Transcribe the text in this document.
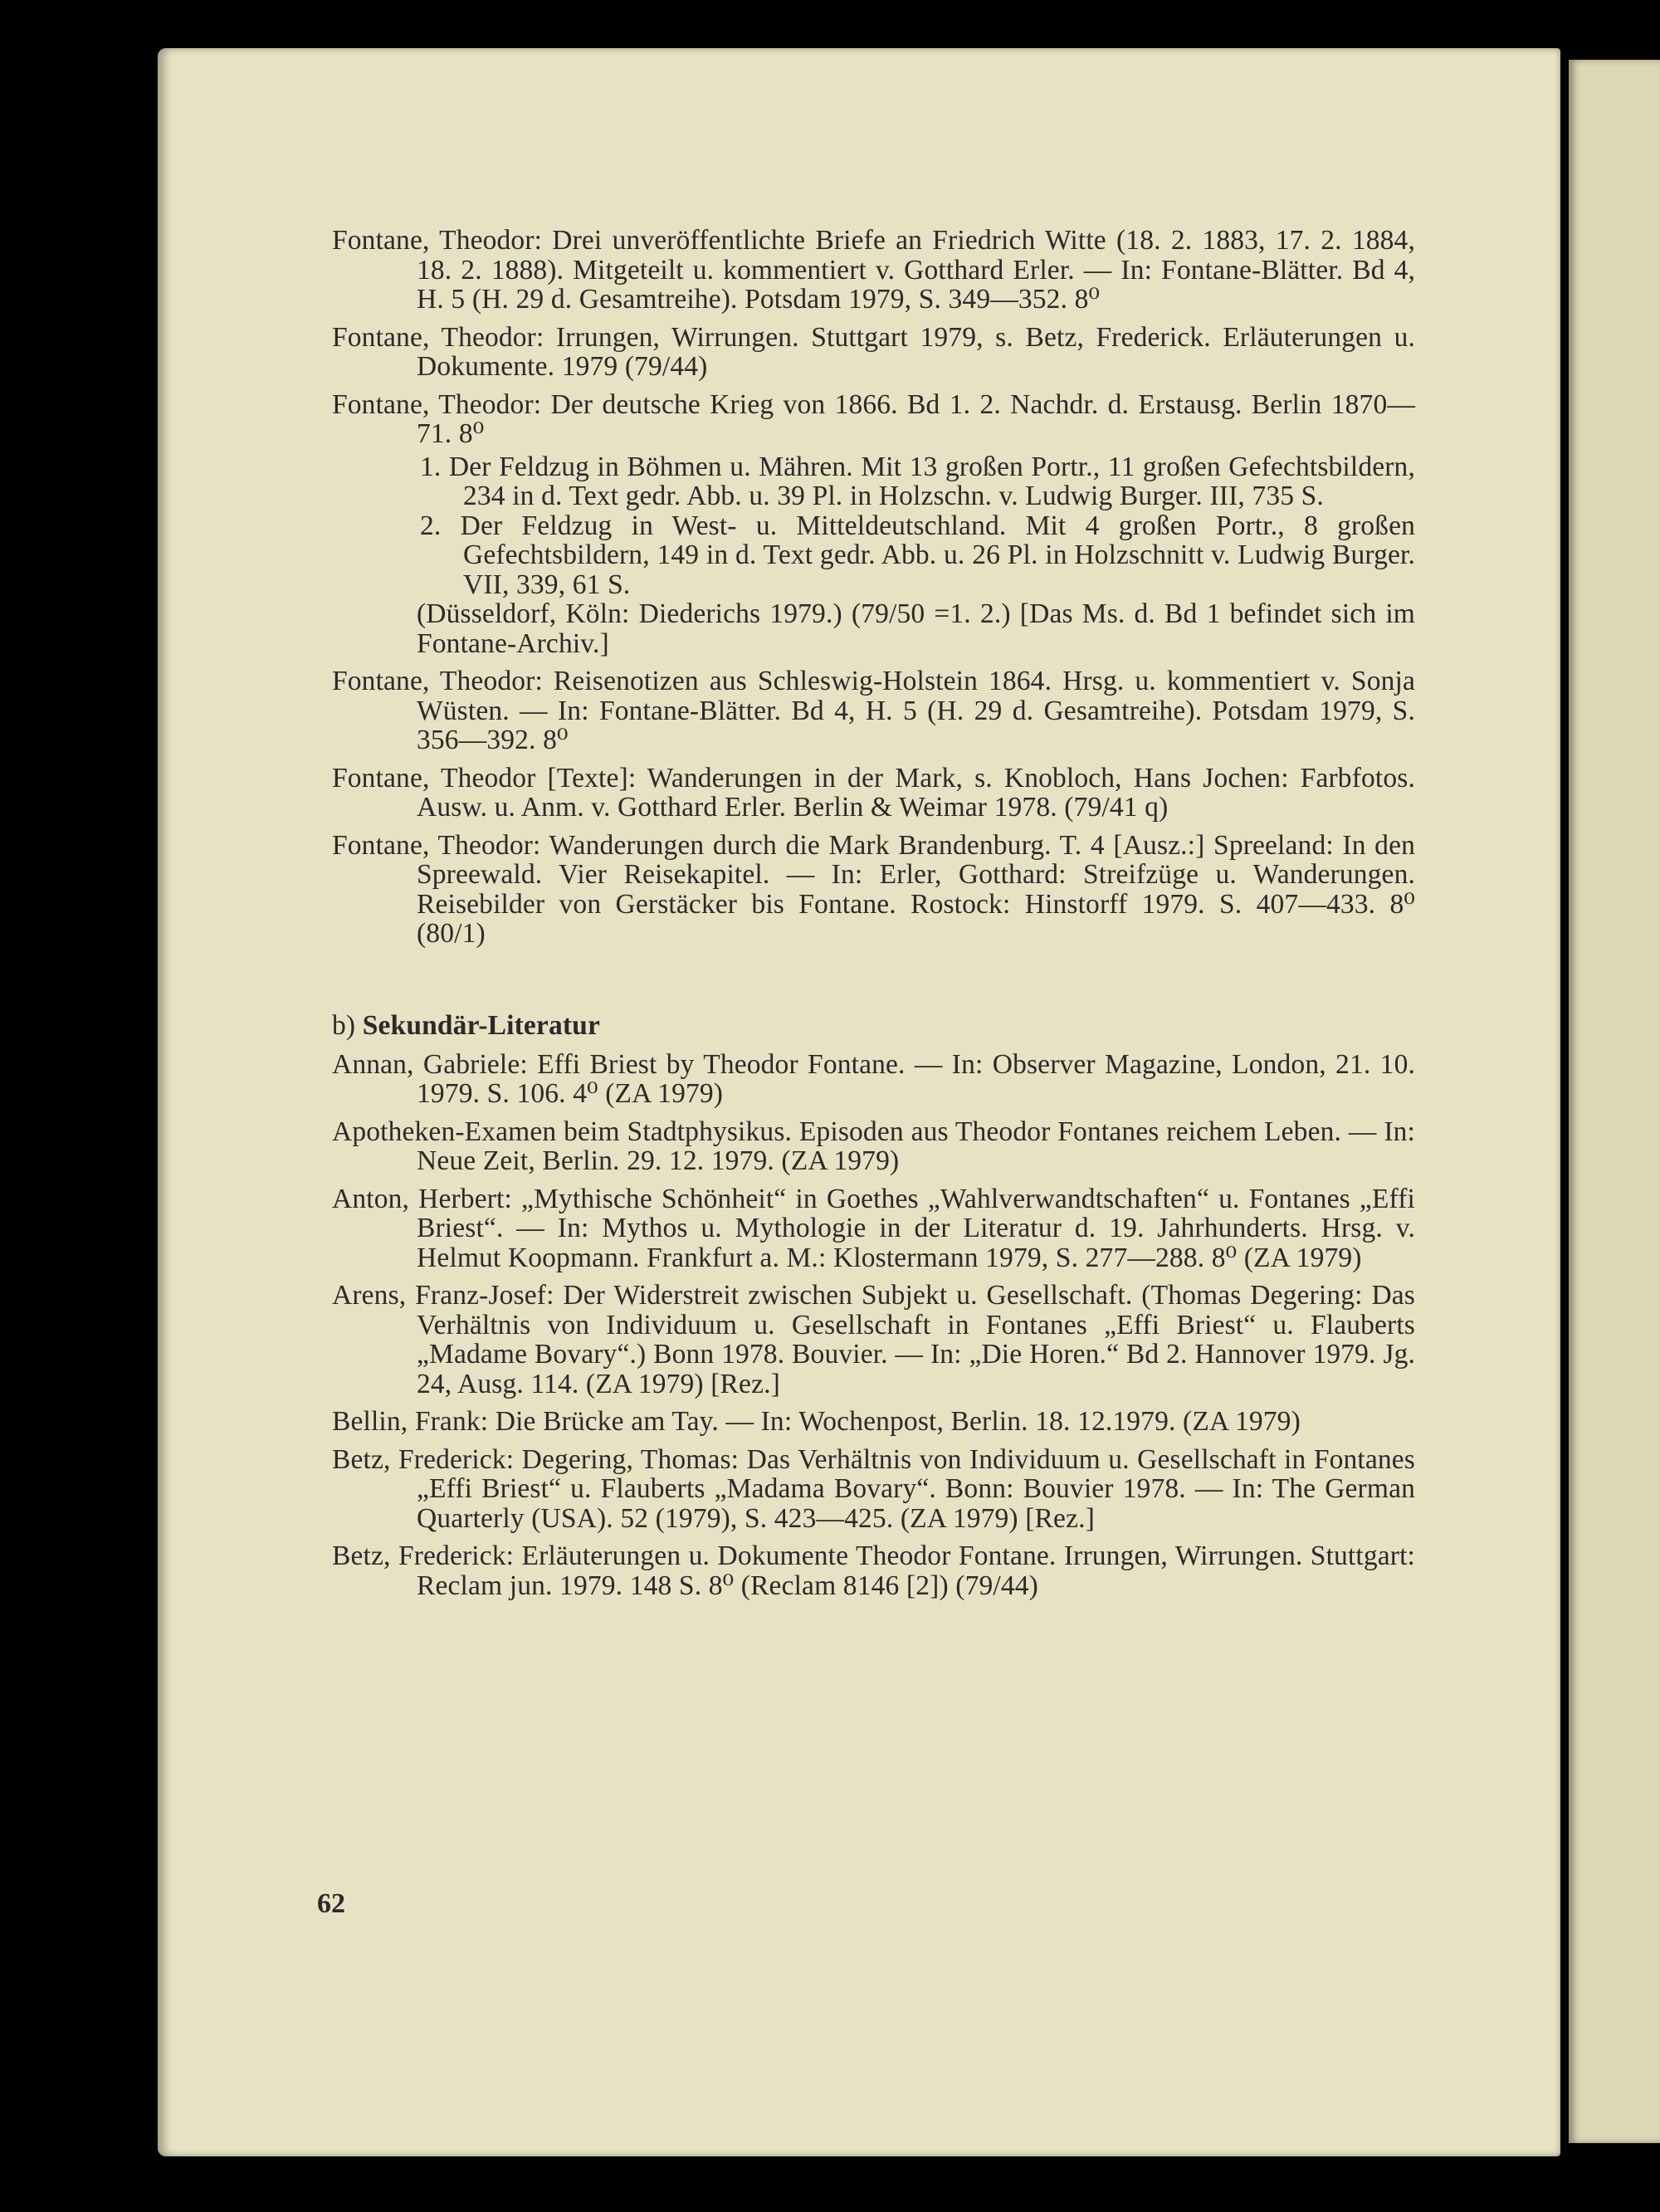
Fontane, Theodor: Drei unveröffentlichte Briefe an Friedrich Witte (18. 2. 1883, 17. 2. 1884, 18. 2. 1888). Mitgeteilt u. kommentiert v. Gotthard Erler. — In: Fontane-Blätter. Bd 4, H. 5 (H. 29 d. Gesamtreihe). Potsdam 1979, S. 349—352. 8⁰
Fontane, Theodor: Irrungen, Wirrungen. Stuttgart 1979, s. Betz, Frederick. Erläuterungen u. Dokumente. 1979 (79/44)
Fontane, Theodor: Der deutsche Krieg von 1866. Bd 1. 2. Nachdr. d. Erstausg. Berlin 1870—71. 8⁰
1. Der Feldzug in Böhmen u. Mähren. Mit 13 großen Portr., 11 großen Gefechtsbildern, 234 in d. Text gedr. Abb. u. 39 Pl. in Holzschn. v. Ludwig Burger. III, 735 S.
2. Der Feldzug in West- u. Mitteldeutschland. Mit 4 großen Portr., 8 großen Gefechtsbildern, 149 in d. Text gedr. Abb. u. 26 Pl. in Holzschnitt v. Ludwig Burger. VII, 339, 61 S.
(Düsseldorf, Köln: Diederichs 1979.) (79/50 =1. 2.) [Das Ms. d. Bd 1 befindet sich im Fontane-Archiv.]
Fontane, Theodor: Reisenotizen aus Schleswig-Holstein 1864. Hrsg. u. kommentiert v. Sonja Wüsten. — In: Fontane-Blätter. Bd 4, H. 5 (H. 29 d. Gesamtreihe). Potsdam 1979, S. 356—392. 8⁰
Fontane, Theodor [Texte]: Wanderungen in der Mark, s. Knobloch, Hans Jochen: Farbfotos. Ausw. u. Anm. v. Gotthard Erler. Berlin & Weimar 1978. (79/41 q)
Fontane, Theodor: Wanderungen durch die Mark Brandenburg. T. 4 [Ausz.:] Spreeland: In den Spreewald. Vier Reisekapitel. — In: Erler, Gotthard: Streifzüge u. Wanderungen. Reisebilder von Gerstäcker bis Fontane. Rostock: Hinstorff 1979. S. 407—433. 8⁰ (80/1)
b) Sekundär-Literatur
Annan, Gabriele: Effi Briest by Theodor Fontane. — In: Observer Magazine, London, 21. 10. 1979. S. 106. 4⁰ (ZA 1979)
Apotheken-Examen beim Stadtphysikus. Episoden aus Theodor Fontanes reichem Leben. — In: Neue Zeit, Berlin. 29. 12. 1979. (ZA 1979)
Anton, Herbert: „Mythische Schönheit“ in Goethes „Wahlverwandtschaften“ u. Fontanes „Effi Briest“. — In: Mythos u. Mythologie in der Literatur d. 19. Jahrhunderts. Hrsg. v. Helmut Koopmann. Frankfurt a. M.: Klostermann 1979, S. 277—288. 8⁰ (ZA 1979)
Arens, Franz-Josef: Der Widerstreit zwischen Subjekt u. Gesellschaft. (Thomas Degering: Das Verhältnis von Individuum u. Gesellschaft in Fontanes „Effi Briest“ u. Flauberts „Madame Bovary“.) Bonn 1978. Bouvier. — In: „Die Horen.“ Bd 2. Hannover 1979. Jg. 24, Ausg. 114. (ZA 1979) [Rez.]
Bellin, Frank: Die Brücke am Tay. — In: Wochenpost, Berlin. 18. 12.1979. (ZA 1979)
Betz, Frederick: Degering, Thomas: Das Verhältnis von Individuum u. Gesellschaft in Fontanes „Effi Briest“ u. Flauberts „Madama Bovary“. Bonn: Bouvier 1978. — In: The German Quarterly (USA). 52 (1979), S. 423—425. (ZA 1979) [Rez.]
Betz, Frederick: Erläuterungen u. Dokumente Theodor Fontane. Irrungen, Wirrungen. Stuttgart: Reclam jun. 1979. 148 S. 8⁰ (Reclam 8146 [2]) (79/44)
62
